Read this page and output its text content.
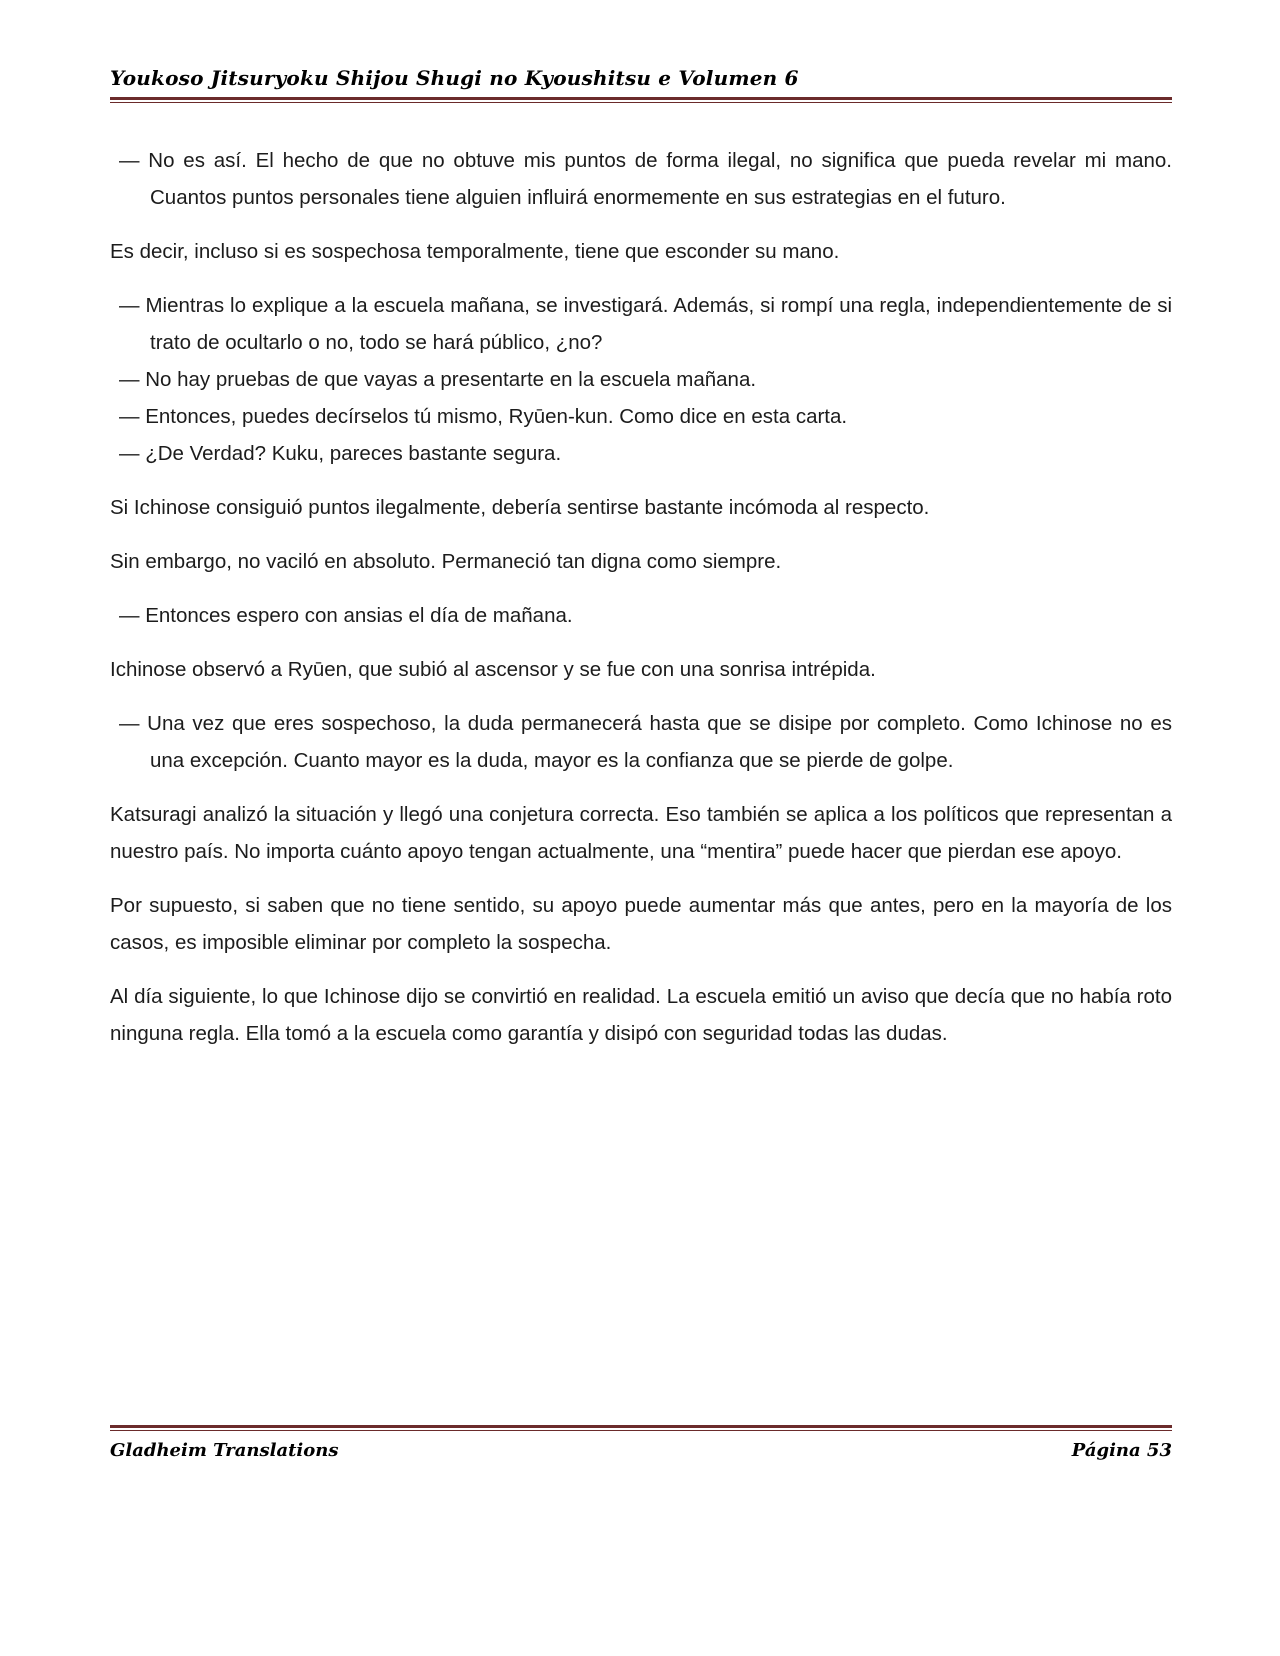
Youkoso Jitsuryoku Shijou Shugi no Kyoushitsu e Volumen 6

— No es así. El hecho de que no obtuve mis puntos de forma ilegal, no significa que pueda revelar mi mano. Cuantos puntos personales tiene alguien influirá enormemente en sus estrategias en el futuro.

Es decir, incluso si es sospechosa temporalmente, tiene que esconder su mano.

— Mientras lo explique a la escuela mañana, se investigará. Además, si rompí una regla, independientemente de si trato de ocultarlo o no, todo se hará público, ¿no?

— No hay pruebas de que vayas a presentarte en la escuela mañana.

— Entonces, puedes decírselos tú mismo, Ryūen-kun. Como dice en esta carta.

— ¿De Verdad? Kuku, pareces bastante segura.

Si Ichinose consiguió puntos ilegalmente, debería sentirse bastante incómoda al respecto.

Sin embargo, no vaciló en absoluto. Permaneció tan digna como siempre.

— Entonces espero con ansias el día de mañana.

Ichinose observó a Ryūen, que subió al ascensor y se fue con una sonrisa intrépida.

— Una vez que eres sospechoso, la duda permanecerá hasta que se disipe por completo. Como Ichinose no es una excepción. Cuanto mayor es la duda, mayor es la confianza que se pierde de golpe.

Katsuragi analizó la situación y llegó una conjetura correcta. Eso también se aplica a los políticos que representan a nuestro país. No importa cuánto apoyo tengan actualmente, una “mentira” puede hacer que pierdan ese apoyo.

Por supuesto, si saben que no tiene sentido, su apoyo puede aumentar más que antes, pero en la mayoría de los casos, es imposible eliminar por completo la sospecha.

Al día siguiente, lo que Ichinose dijo se convirtió en realidad. La escuela emitió un aviso que decía que no había roto ninguna regla. Ella tomó a la escuela como garantía y disipó con seguridad todas las dudas.

Gladheim Translations	Página 53
